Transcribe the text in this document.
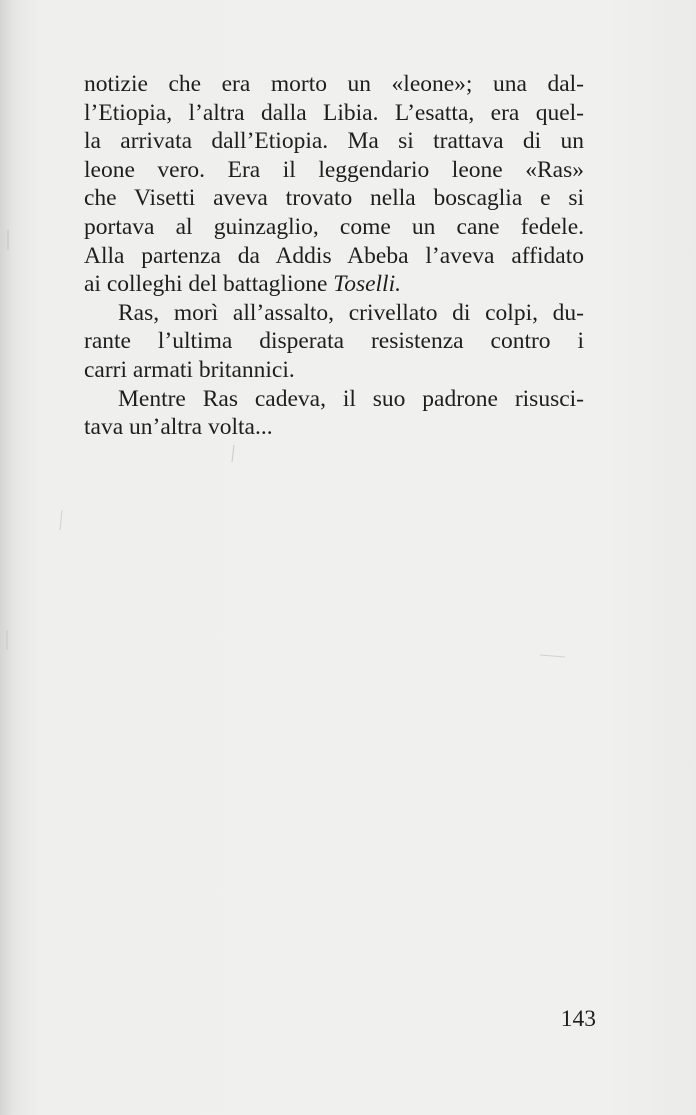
notizie che era morto un «leone»; una dal-
l’Etiopia, l’altra dalla Libia. L’esatta, era quel-
la arrivata dall’Etiopia. Ma si trattava di un
leone vero. Era il leggendario leone «Ras»
che Visetti aveva trovato nella boscaglia e si
portava al guinzaglio, come un cane fedele.
Alla partenza da Addis Abeba l’aveva affidato
ai colleghi del battaglione Toselli.
Ras, morì all’assalto, crivellato di colpi, du-
rante l’ultima disperata resistenza contro i
carri armati britannici.
Mentre Ras cadeva, il suo padrone risusci-
tava un’altra volta...
143
